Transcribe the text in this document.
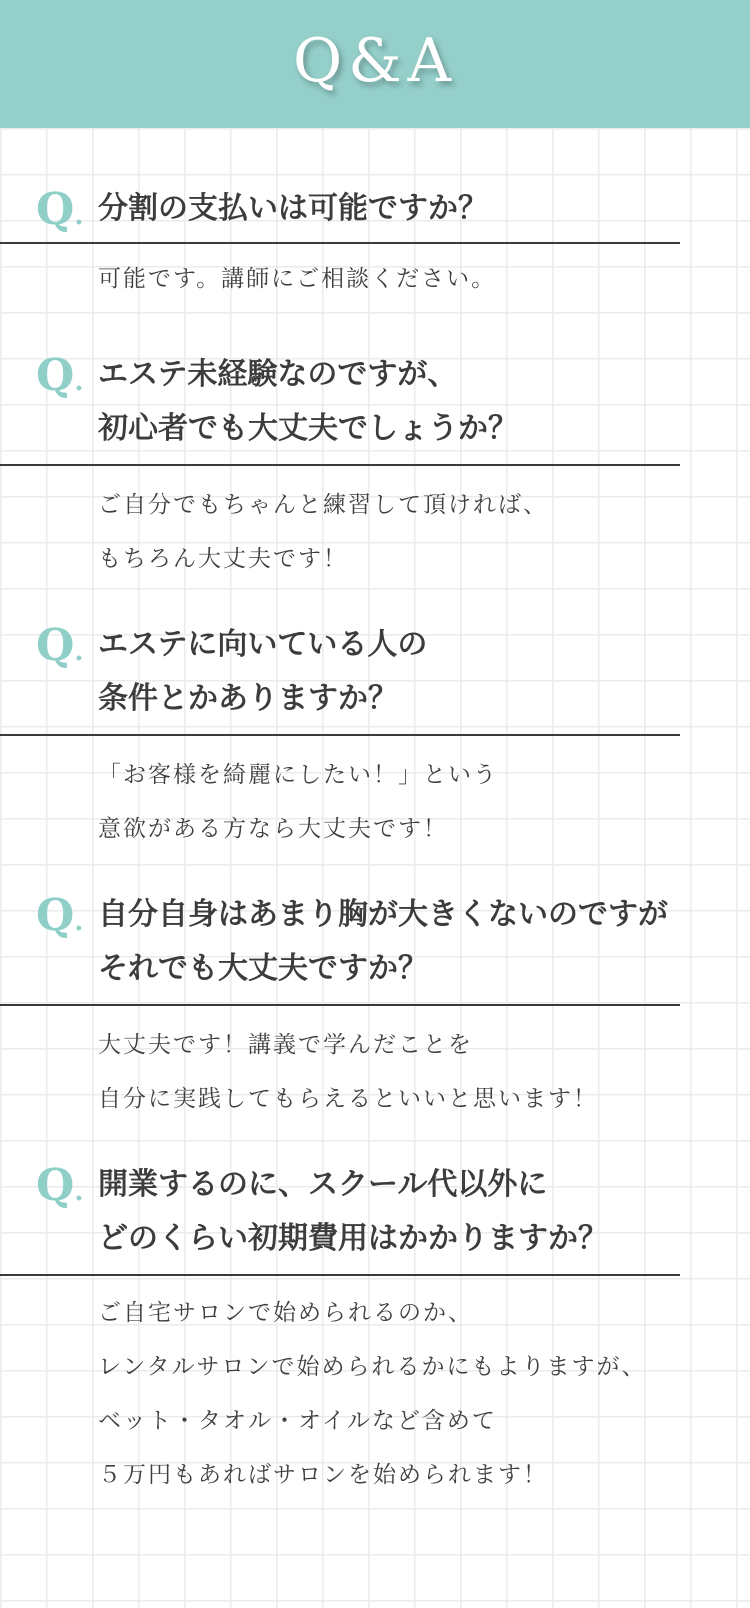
Q&A
Q. 分割の支払いは可能ですか？
可能です。講師にご相談ください。
Q. エステ未経験なのですが、
初心者でも大丈夫でしょうか？
ご自分でもちゃんと練習して頂ければ、
もちろん大丈夫です！
Q. エステに向いている人の
条件とかありますか？
「お客様を綺麗にしたい！」という
意欲がある方なら大丈夫です！
Q. 自分自身はあまり胸が大きくないのですが
それでも大丈夫ですか？
大丈夫です！講義で学んだことを
自分に実践してもらえるといいと思います！
Q. 開業するのに、スクール代以外に
どのくらい初期費用はかかりますか？
ご自宅サロンで始められるのか、
レンタルサロンで始められるかにもよりますが、
ベット・タオル・オイルなど含めて
５万円もあればサロンを始められます！
